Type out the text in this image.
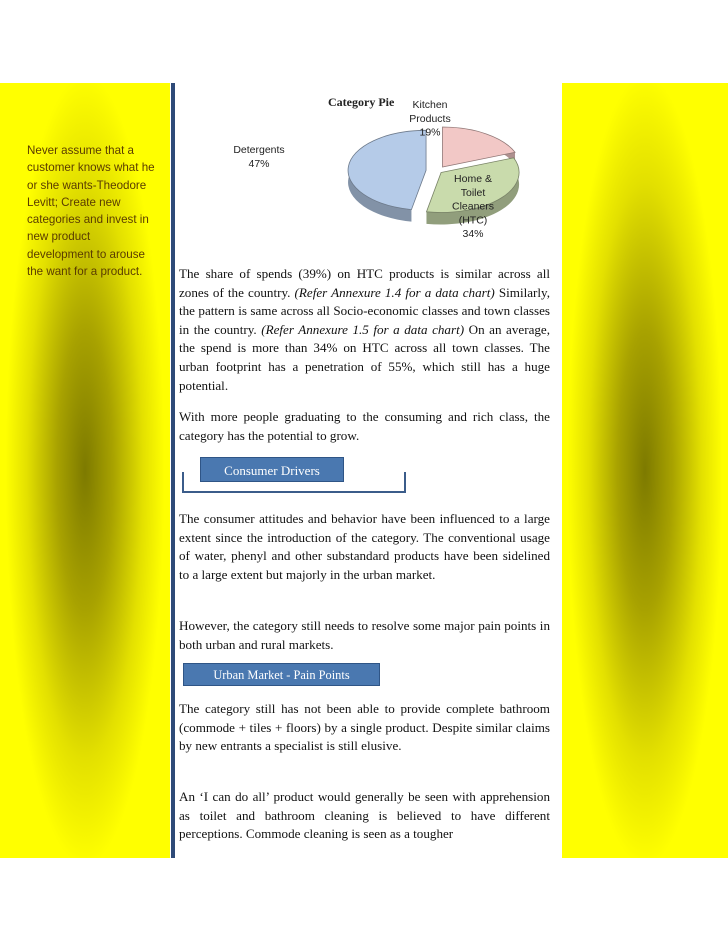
Never assume that a customer knows what he or she wants-Theodore Levitt; Create new categories and invest in new product development to arouse the want for a product.
Category Pie	Kitchen Products 19%
Home & Toilet Cleaners (HTC) 34%
Detergents 47%

The share of spends (39%) on HTC products is similar across all zones of the country. (Refer Annexure 1.4 for a data chart) Similarly, the pattern is same across all Socio-economic classes and town classes in the country. (Refer Annexure 1.5 for a data chart) On an average, the spend is more than 34% on HTC across all town classes. The urban footprint has a penetration of 55%, which still has a huge potential.

With more people graduating to the consuming and rich class, the category has the potential to grow.
Consumer Drivers
The consumer attitudes and behavior have been influenced to a large extent since the introduction of the category. The conventional usage of water, phenyl and other substandard products have been sidelined to a large extent but majorly in the urban market.
However, the category still needs to resolve some major pain points in both urban and rural markets.
Urban Market - Pain Points
The category still has not been able to provide complete bathroom (commode + tiles + floors) by a single product. Despite similar claims by new entrants a specialist is still elusive.
An ‘I can do all’ product would generally be seen with apprehension as toilet and bathroom cleaning is believed to have different perceptions. Commode cleaning is seen as a tougher
